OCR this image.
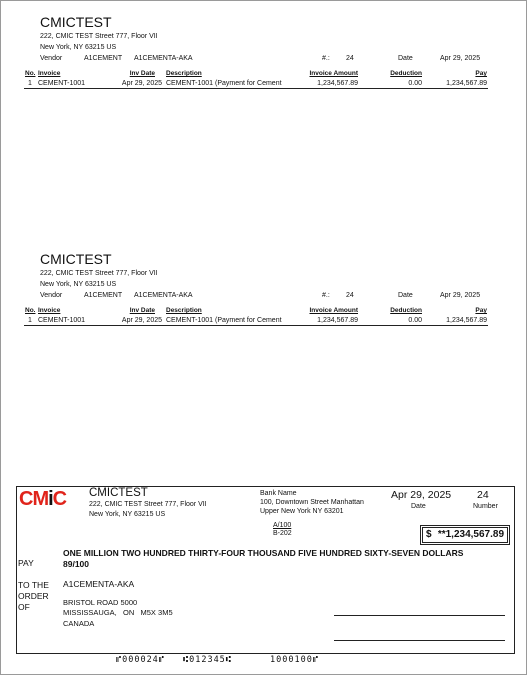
CMICTEST
222, CMIC TEST Street 777, Floor VII
New York, NY 63215 US
Vendor	A1CEMENT A1CEMENTA-AKA	#.: 24	Date	Apr 29, 2025
No. Invoice	Inv Date Description	Invoice Amount	Deduction	Pay
1 CEMENT-1001	Apr 29, 2025 CEMENT-1001 (Payment for Cement	1,234,567.89	0.00	1,234,567.89
CMICTEST
222, CMIC TEST Street 777, Floor VII
New York, NY 63215 US
Vendor	A1CEMENT A1CEMENTA-AKA	#.: 24	Date	Apr 29, 2025
No. Invoice	Inv Date Description	Invoice Amount	Deduction	Pay
1 CEMENT-1001	Apr 29, 2025 CEMENT-1001 (Payment for Cement	1,234,567.89	0.00	1,234,567.89
CMiC CMICTEST
222, CMIC TEST Street 777, Floor VII
New York, NY 63215 US
Bank Name
100, Downtown Street Manhattan
Upper New York NY 63201
Apr 29, 2025 24
Date	Number
A/100
B-202	$ **1,234,567.89
ONE MILLION TWO HUNDRED THIRTY-FOUR THOUSAND FIVE HUNDRED SIXTY-SEVEN DOLLARS
89/100
PAY
TO THE
ORDER
OF
A1CEMENTA-AKA
BRISTOL ROAD 5000
MISSISSAUGA,   ON   M5X 3M5
CANADA
⑈000024⑈ ⑆012345⑆	1000100⑈
